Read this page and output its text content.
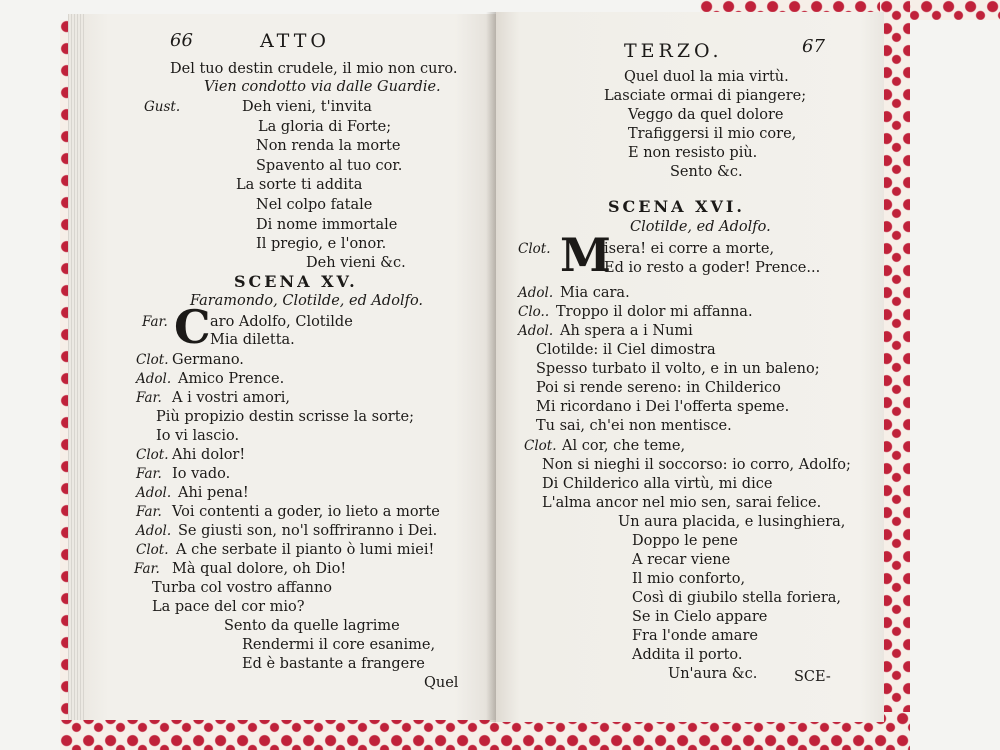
66	ATTO
Del tuo destin crudele, il mio non curo.
Vien condotto via dalle Guardie.
Gust.	Deh vieni, t'invita
La gloria di Forte;
Non renda la morte
Spavento al tuo cor.
La sorte ti addita
Nel colpo fatale
Di nome immortale
Il pregio, e l'onor.
Deh vieni &c.
SCENA XV.
Faramondo, Clotilde, ed Adolfo.
Far. C aro Adolfo, Clotilde
Mia diletta.
Clot. Germano.
Adol. Amico Prence.
Far. A i vostri amori,
Più propizio destin scrisse la sorte;
Io vi lascio.
Clot. Ahi dolor!
Far. Io vado.
Adol. Ahi pena!
Far. Voi contenti a goder, io lieto a morte
Adol. Se giusti son, no'l soffriranno i Dei.
Clot. A che serbate il pianto ò lumi miei!
Far. Mà qual dolore, oh Dio!
Turba col vostro affanno
La pace del cor mio?
Sento da quelle lagrime
Rendermi il core esanime,
Ed è bastante a frangere
Quel
TERZO.	67
Quel duol la mia virtù.
Lasciate ormai di piangere;
Veggo da quel dolore
Trafiggersi il mio core,
E non resisto più.
Sento &c.
SCENA XVI.
Clotilde, ed Adolfo.
Clot. M
isera! ei corre a morte,
Ed io resto a goder! Prence...
Adol. Mia cara.
Clo.. Troppo il dolor mi affanna.
Adol. Ah spera a i Numi
Clotilde: il Ciel dimostra
Spesso turbato il volto, e in un baleno;
Poi si rende sereno: in Childerico
Mi ricordano i Dei l'offerta speme.
Tu sai, ch'ei non mentisce.
Clot. Al cor, che teme,
Non si nieghi il soccorso: io corro, Adolfo;
Di Childerico alla virtù, mi dice
L'alma ancor nel mio sen, sarai felice.
Un aura placida, e lusinghiera,
Doppo le pene
A recar viene
Il mio conforto,
Così di giubilo stella foriera,
Se in Cielo appare
Fra l'onde amare
Addita il porto.
Un'aura &c.	SCE-
